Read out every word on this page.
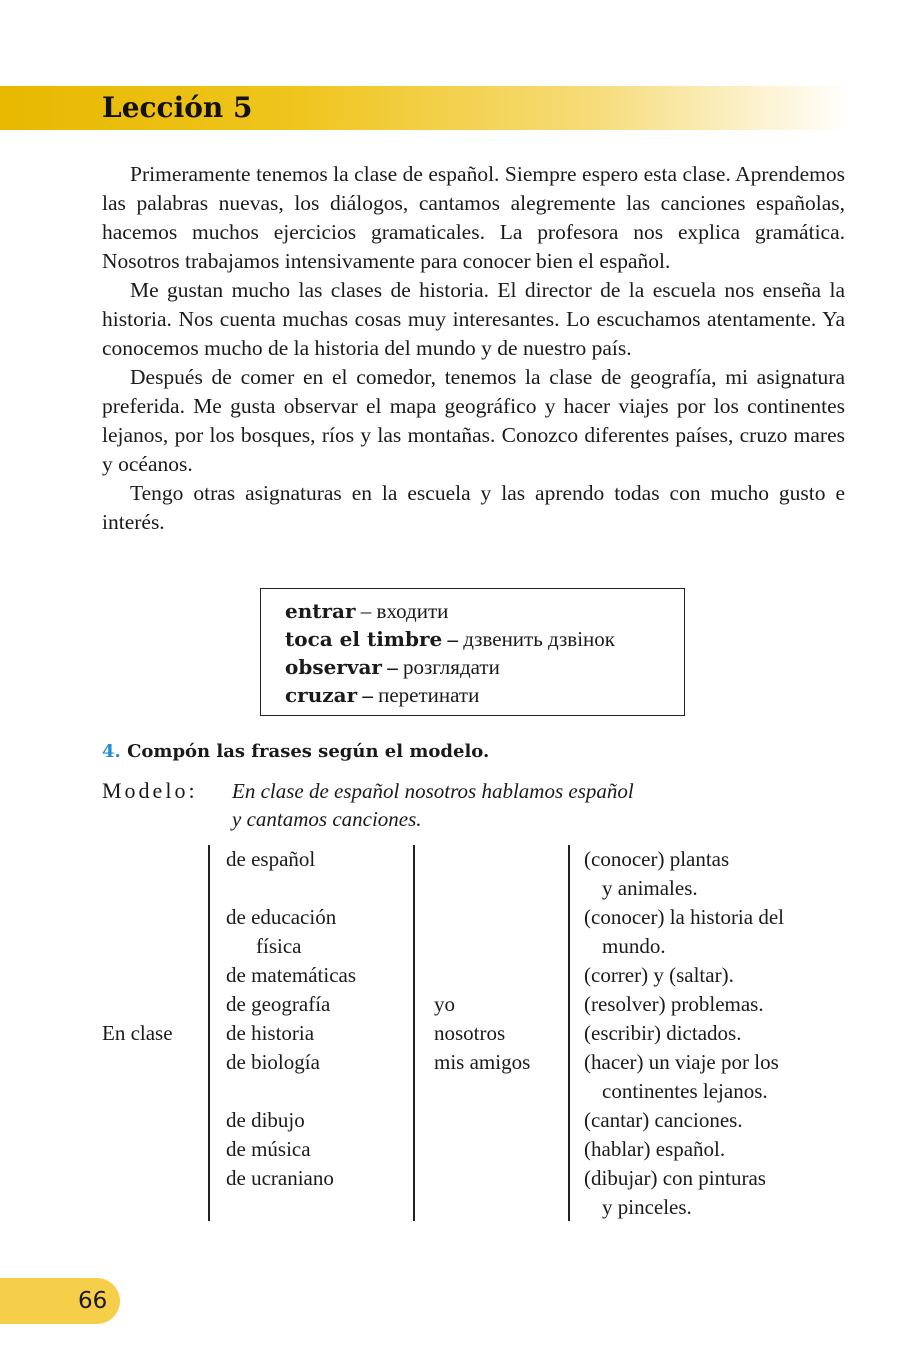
Lección 5

Primeramente tenemos la clase de español. Siempre espero esta clase. Aprendemos las palabras nuevas, los diálogos, cantamos alegremente las canciones españolas, hacemos muchos ejercicios gramaticales. La profesora nos explica gramática. Nosotros trabajamos intensivamente para conocer bien el español.

Me gustan mucho las clases de historia. El director de la escuela nos enseña la historia. Nos cuenta muchas cosas muy interesantes. Lo escuchamos atentamente. Ya conocemos mucho de la historia del mundo y de nuestro país.

Después de comer en el comedor, tenemos la clase de geografía, mi asignatura preferida. Me gusta observar el mapa geográfico y hacer viajes por los continentes lejanos, por los bosques, ríos y las montañas. Conozco diferentes países, cruzo mares y océanos.

Tengo otras asignaturas en la escuela y las aprendo todas con mucho gusto e interés.

entrar – входити
toca el timbre – дзвенить дзвінок
observar – розглядати
cruzar – перетинати
4. Compón las frases según el modelo.
Modelo: En clase de español nosotros hablamos español
y cantamos canciones.
En clase
de español
de educación
física
de matemáticas
de geografía
de historia
de biología
de dibujo
de música
de ucraniano
yo
nosotros
mis amigos
(conocer) plantas
y animales.
(conocer) la historia del
mundo.
(correr) y (saltar).
(resolver) problemas.
(escribir) dictados.
(hacer) un viaje por los
continentes lejanos.
(cantar) canciones.
(hablar) español.
(dibujar) con pinturas
y pinceles.
66
